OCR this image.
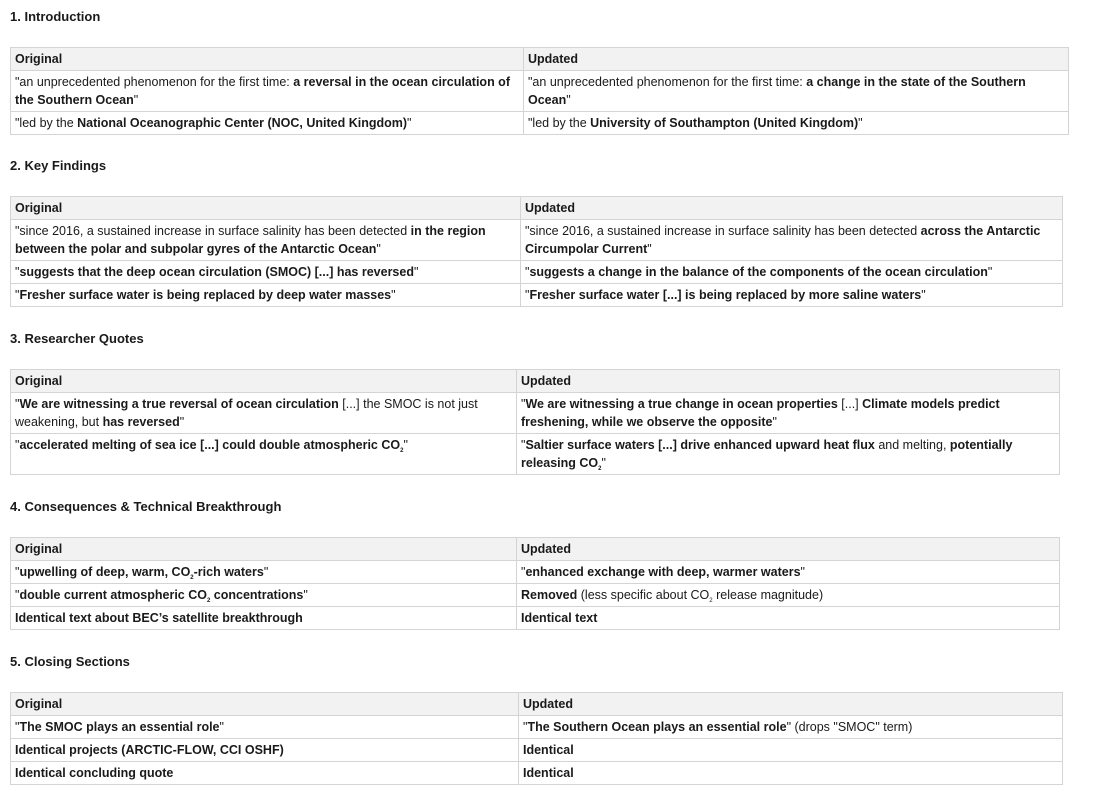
1. Introduction
Original	Updated
"an unprecedented phenomenon for the first time: a reversal in the ocean circulation of the Southern Ocean"	"an unprecedented phenomenon for the first time: a change in the state of the Southern Ocean"
"led by the National Oceanographic Center (NOC, United Kingdom)"	"led by the University of Southampton (United Kingdom)"
2. Key Findings
Original	Updated
"since 2016, a sustained increase in surface salinity has been detected in the region between the polar and subpolar gyres of the Antarctic Ocean"	"since 2016, a sustained increase in surface salinity has been detected across the Antarctic Circumpolar Current"
"suggests that the deep ocean circulation (SMOC) [...] has reversed"	"suggests a change in the balance of the components of the ocean circulation"
"Fresher surface water is being replaced by deep water masses"	"Fresher surface water [...] is being replaced by more saline waters"
3. Researcher Quotes
Original	Updated
"We are witnessing a true reversal of ocean circulation [...] the SMOC is not just weakening, but has reversed"	"We are witnessing a true change in ocean properties [...] Climate models predict freshening, while we observe the opposite"
"accelerated melting of sea ice [...] could double atmospheric $CO_2$"	"Saltier surface waters [...] drive enhanced upward heat flux and melting, potentially releasing $CO_2$"
4. Consequences & Technical Breakthrough
Original	Updated
"upwelling of deep, warm, $CO_2$-rich waters"	"enhanced exchange with deep, warmer waters"
"double current atmospheric $CO_2$ concentrations"	Removed (less specific about $CO_2$ release magnitude)
Identical text about BEC’s satellite breakthrough	Identical text
5. Closing Sections
Original	Updated
"The SMOC plays an essential role"	"The Southern Ocean plays an essential role" (drops "SMOC" term)
Identical projects (ARCTIC-FLOW, CCI OSHF)	Identical
Identical concluding quote	Identical
